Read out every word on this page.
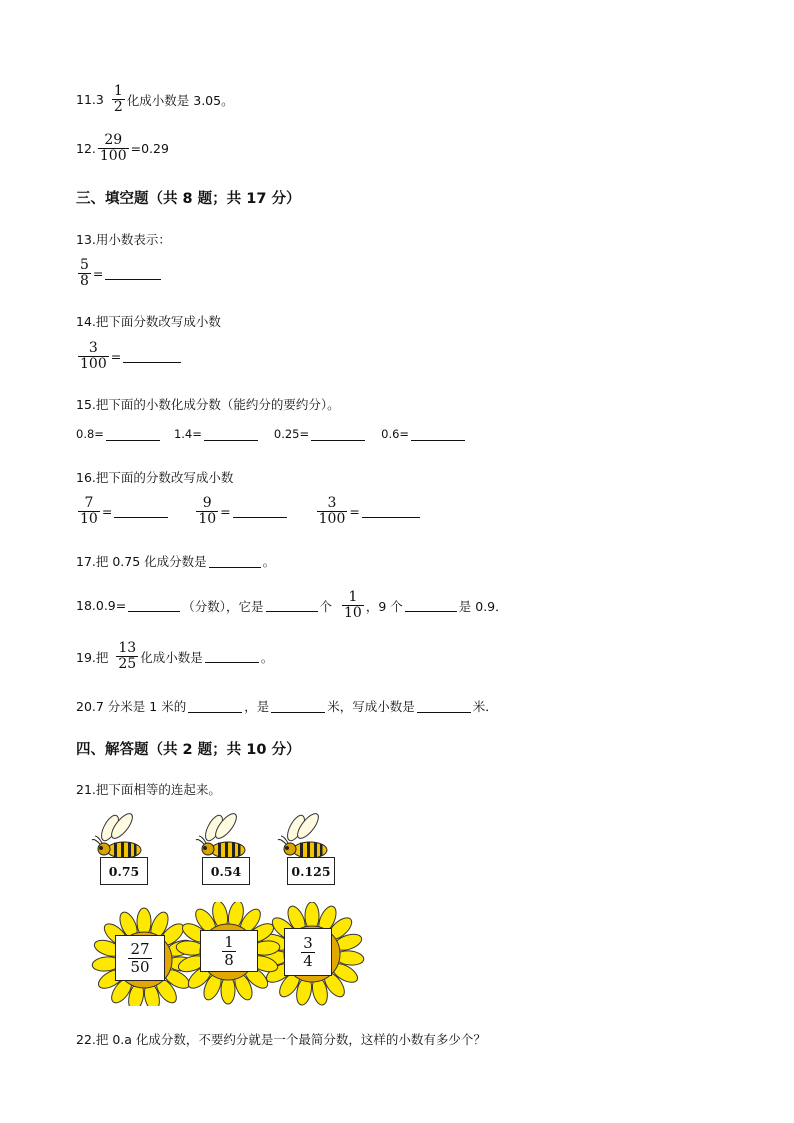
$11.3 \frac{1}{2}$ 化成小数是 3.05。
12. $\frac{29}{100} =0.29$
三、填空题（共 8 题；共 17 分）
13.用小数表示：
$\frac{5}{8}$ =
14.把下面分数改写成小数
$\frac{3}{100}$ =
15.把下面的小数化成分数（能约分的要约分）。
0.8=	1.4=	0.25=	0.6=
16.把下面的分数改写成小数
$\frac{7}{10}$ =	$\frac{9}{10}$ =	$\frac{3}{100}$ =
17.把 0.75 化成分数是	。
18.0.9=	（分数），它是	个 $\frac{1}{10}$ ，9 个	是 0.9．
19.把 $\frac{13}{25}$ 化成小数是	。
20.7 分米是 1 米的	，是	米，写成小数是	米．
四、解答题（共 2 题；共 10 分）
21.把下面相等的连起来。
0.75	0.54	0.125
$\frac{27}{50}$	$\frac{1}{8}$	$\frac{3}{4}$
22.把 0.a 化成分数，不要约分就是一个最简分数，这样的小数有多少个？
